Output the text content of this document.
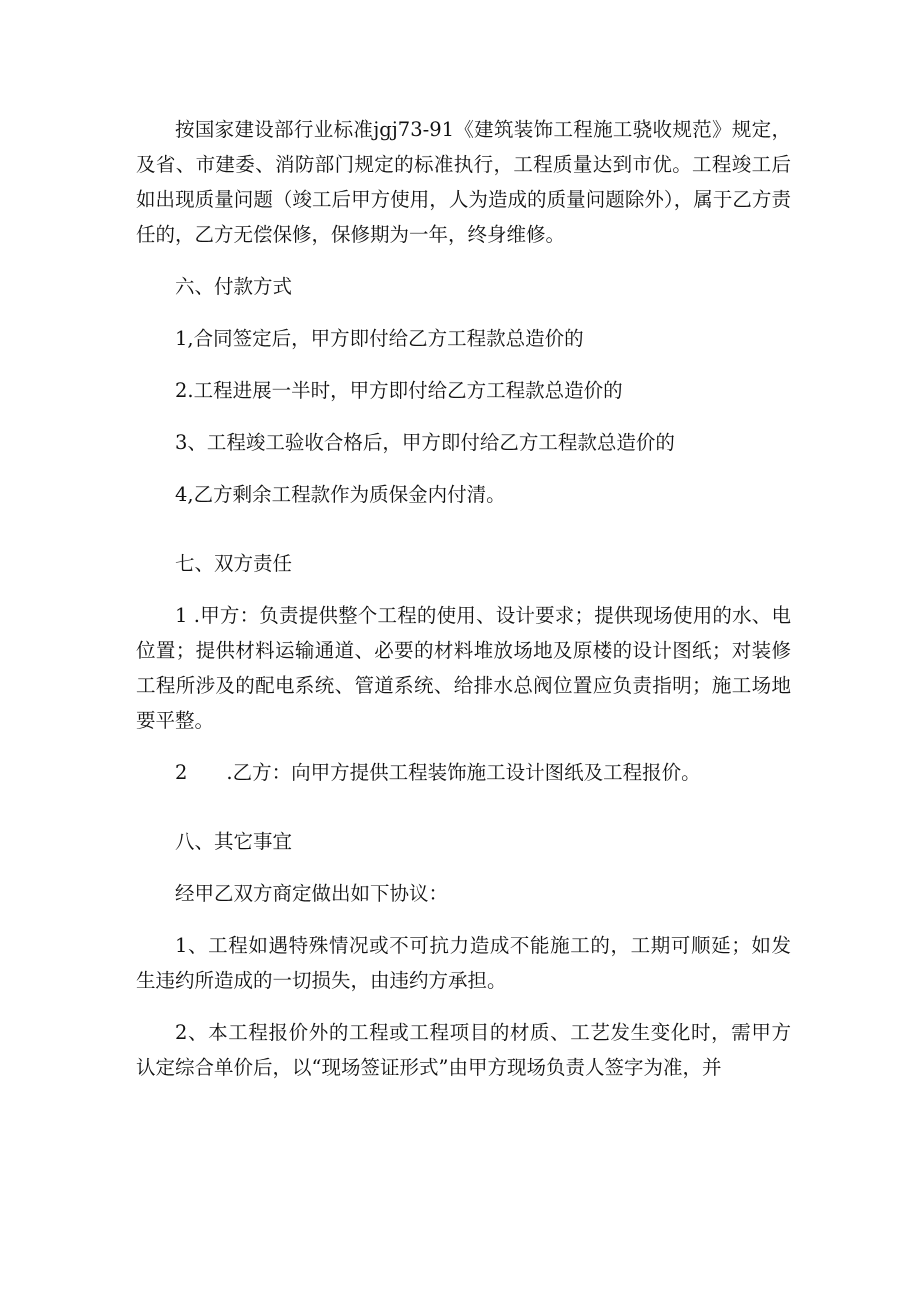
按国家建设部行业标准jgj73-91《建筑装饰工程施工骁收规范》规定，及省、市建委、消防部门规定的标准执行，工程质量达到市优。工程竣工后如出现质量问题（竣工后甲方使用，人为造成的质量问题除外），属于乙方责任的，乙方无偿保修，保修期为一年，终身维修。

六、付款方式

1,合同签定后，甲方即付给乙方工程款总造价的

2.工程进展一半时，甲方即付给乙方工程款总造价的

3、工程竣工验收合格后，甲方即付给乙方工程款总造价的

4,乙方剩余工程款作为质保金内付清。

七、双方责任

1 .甲方：负责提供整个工程的使用、设计要求；提供现场使用的水、电位置；提供材料运输通道、必要的材料堆放场地及原楼的设计图纸；对装修工程所涉及的配电系统、管道系统、给排水总阀位置应负责指明；施工场地要平整。

2　　.乙方：向甲方提供工程装饰施工设计图纸及工程报价。

八、其它事宜

经甲乙双方商定做出如下协议：

1、工程如遇特殊情况或不可抗力造成不能施工的，工期可顺延；如发生违约所造成的一切损失，由违约方承担。

2、本工程报价外的工程或工程项目的材质、工艺发生变化时，需甲方认定综合单价后，以“现场签证形式”由甲方现场负责人签字为准，并
